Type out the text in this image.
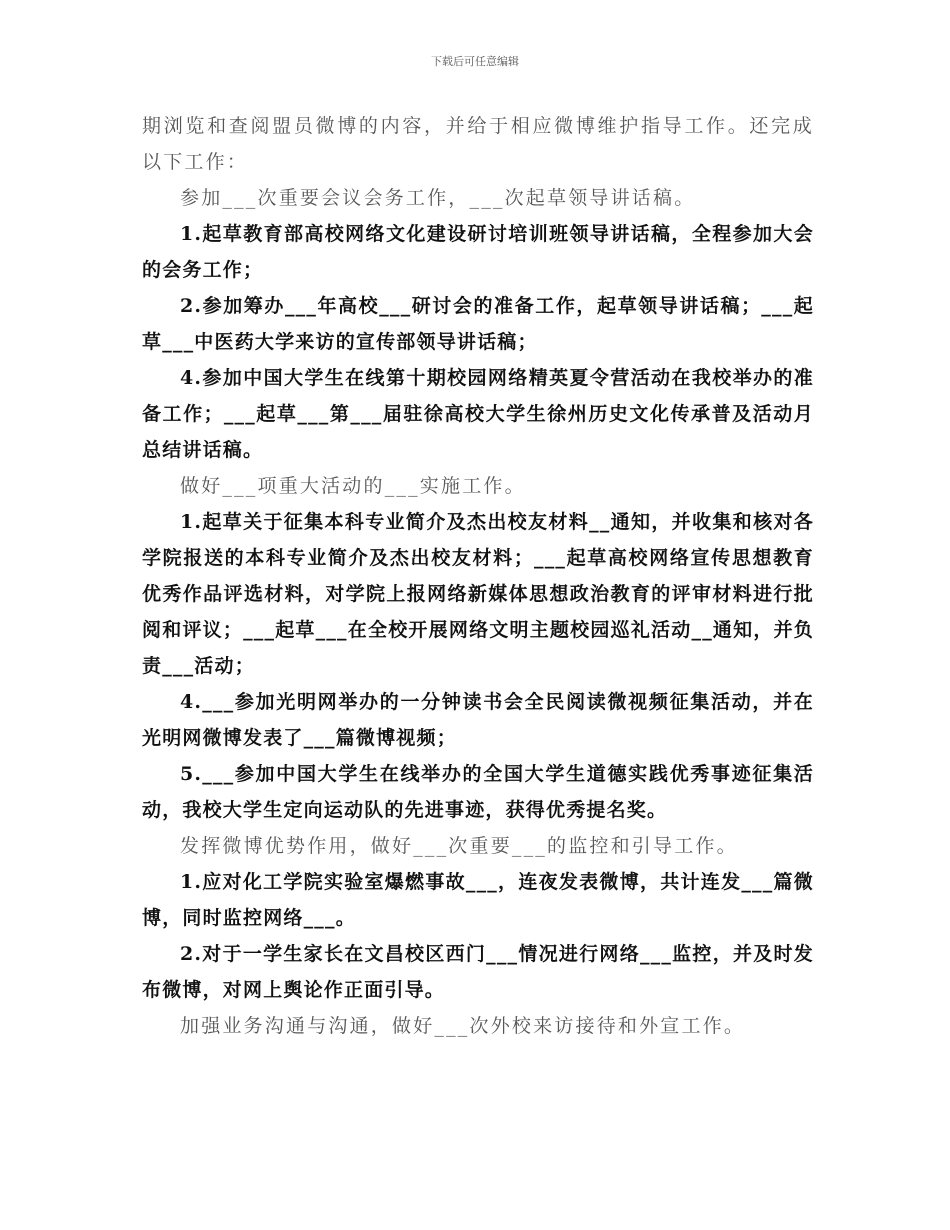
下载后可任意编辑

期浏览和查阅盟员微博的内容，并给于相应微博维护指导工作。还完成以下工作：

参加___次重要会议会务工作，___次起草领导讲话稿。

1.起草教育部高校网络文化建设研讨培训班领导讲话稿，全程参加大会的会务工作；

2.参加筹办___年高校___研讨会的准备工作，起草领导讲话稿；___起草___中医药大学来访的宣传部领导讲话稿；

4.参加中国大学生在线第十期校园网络精英夏令营活动在我校举办的准备工作；___起草___第___届驻徐高校大学生徐州历史文化传承普及活动月总结讲话稿。

做好___项重大活动的___实施工作。

1.起草关于征集本科专业简介及杰出校友材料__通知，并收集和核对各学院报送的本科专业简介及杰出校友材料；___起草高校网络宣传思想教育优秀作品评选材料，对学院上报网络新媒体思想政治教育的评审材料进行批阅和评议；___起草___在全校开展网络文明主题校园巡礼活动__通知，并负责___活动；

4.___参加光明网举办的一分钟读书会全民阅读微视频征集活动，并在光明网微博发表了___篇微博视频；

5.___参加中国大学生在线举办的全国大学生道德实践优秀事迹征集活动，我校大学生定向运动队的先进事迹，获得优秀提名奖。

发挥微博优势作用，做好___次重要___的监控和引导工作。

1.应对化工学院实验室爆燃事故___，连夜发表微博，共计连发___篇微博，同时监控网络___。

2.对于一学生家长在文昌校区西门___情况进行网络___监控，并及时发布微博，对网上舆论作正面引导。

加强业务沟通与沟通，做好___次外校来访接待和外宣工作。
